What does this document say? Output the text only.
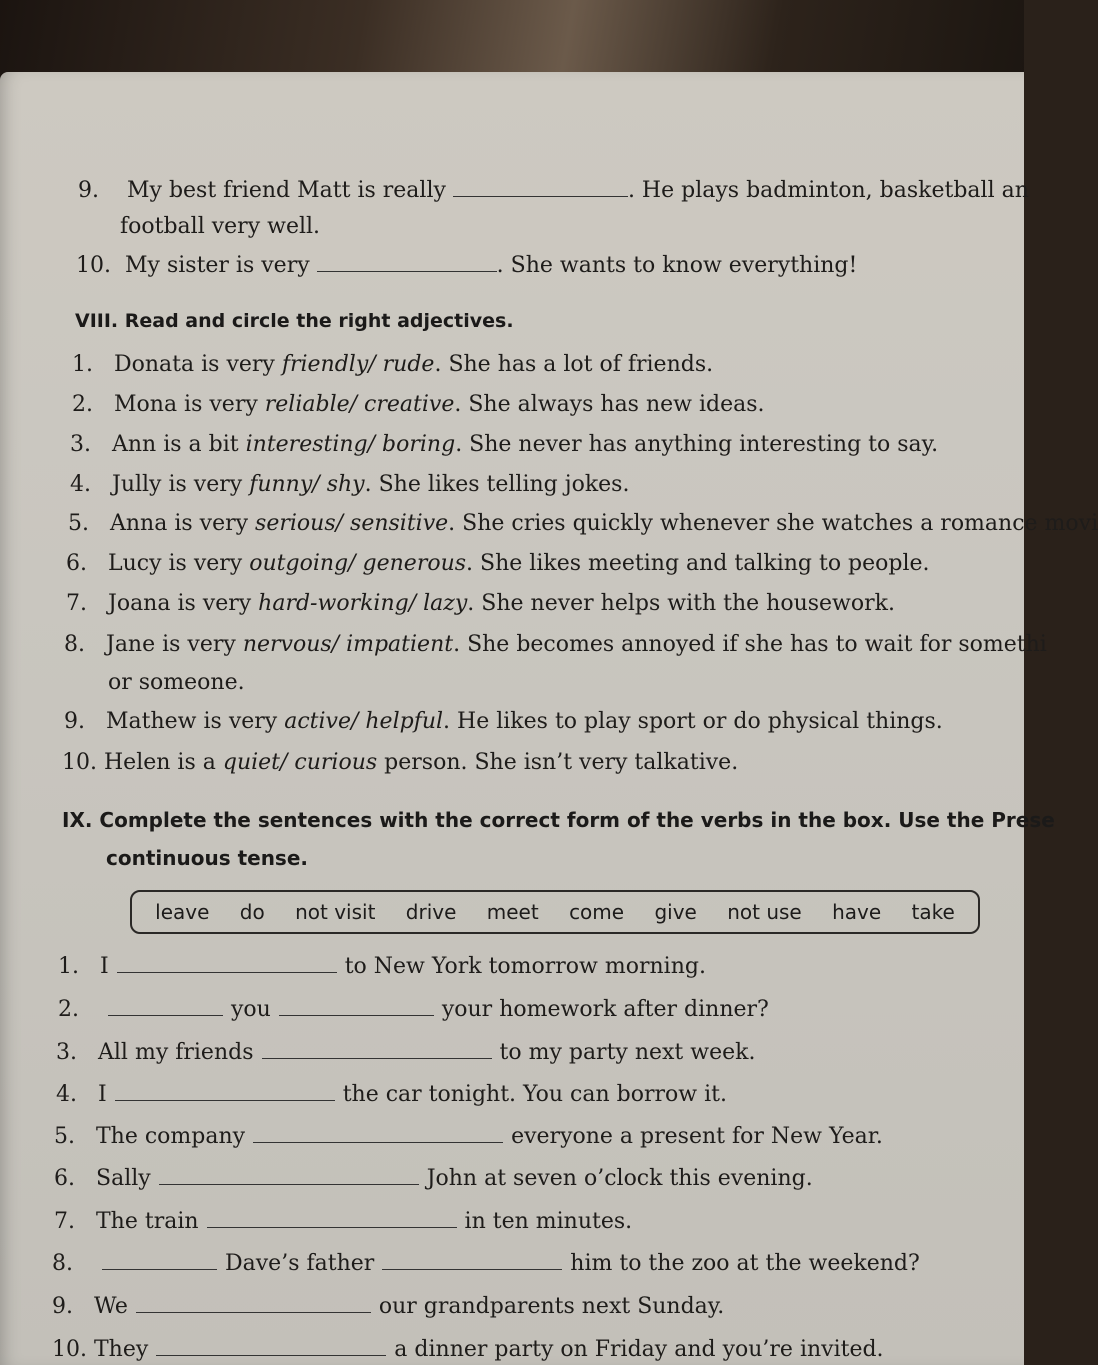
9. My best friend Matt is really	. He plays badminton, basketball an
football very well.
10. My sister is very	. She wants to know everything!
VIII. Read and circle the right adjectives.
1. Donata is very friendly/ rude. She has a lot of friends.
2. Mona is very reliable/ creative. She always has new ideas.
3. Ann is a bit interesting/ boring. She never has anything interesting to say.
4. Jully is very funny/ shy. She likes telling jokes.
5. Anna is very serious/ sensitive. She cries quickly whenever she watches a romance movi
6. Lucy is very outgoing/ generous. She likes meeting and talking to people.
7. Joana is very hard-working/ lazy. She never helps with the housework.
8. Jane is very nervous/ impatient. She becomes annoyed if she has to wait for somethi
or someone.
9. Mathew is very active/ helpful. He likes to play sport or do physical things.
10. Helen is a quiet/ curious person. She isn’t very talkative.
IX. Complete the sentences with the correct form of the verbs in the box. Use the Prese
continuous tense.
leave do not visit drive meet come give not use have take
1. I	to New York tomorrow morning.
2.	you	your homework after dinner?
3. All my friends	to my party next week.
4. I	the car tonight. You can borrow it.
5. The company	everyone a present for New Year.
6. Sally	John at seven o’clock this evening.
7. The train	in ten minutes.
8.	Dave’s father	him to the zoo at the weekend?
9. We	our grandparents next Sunday.
10. They	a dinner party on Friday and you’re invited.
